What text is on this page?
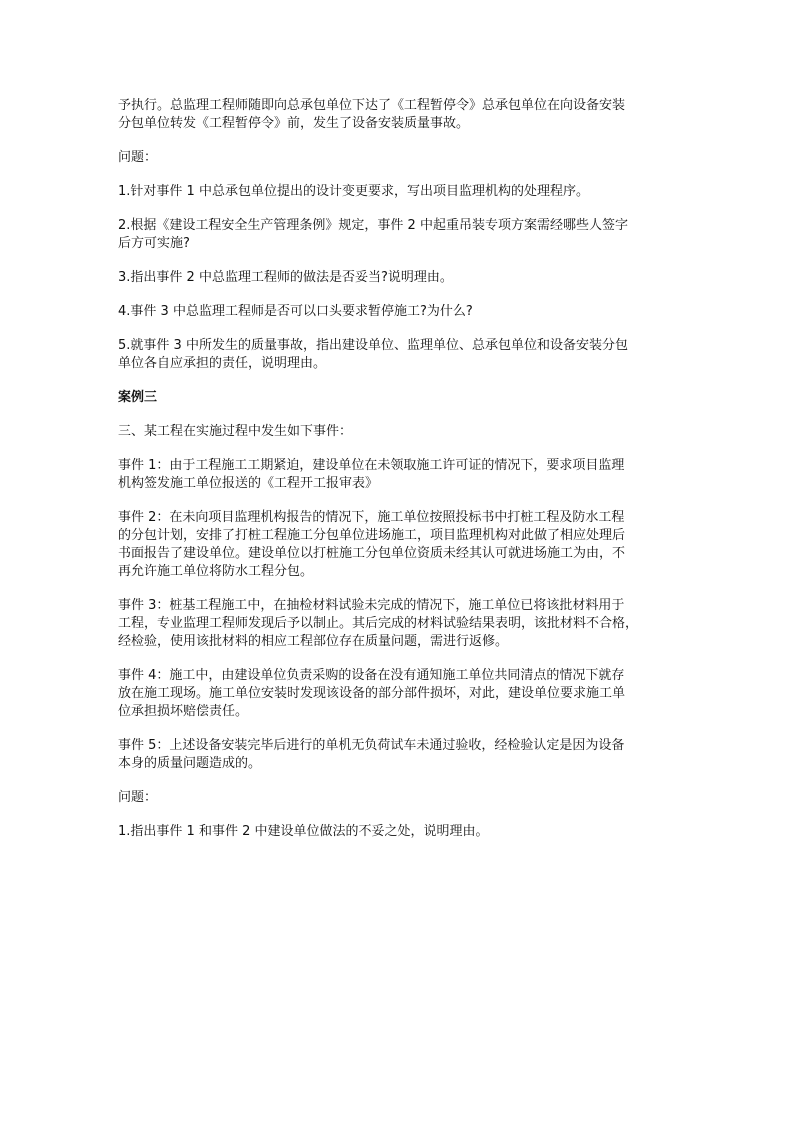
予执行。总监理工程师随即向总承包单位下达了《工程暂停令》总承包单位在向设备安装
分包单位转发《工程暂停令》前，发生了设备安装质量事故。

问题：

1.针对事件 1 中总承包单位提出的设计变更要求，写出项目监理机构的处理程序。

2.根据《建设工程安全生产管理条例》规定，事件 2 中起重吊装专项方案需经哪些人签字
后方可实施?

3.指出事件 2 中总监理工程师的做法是否妥当?说明理由。

4.事件 3 中总监理工程师是否可以口头要求暂停施工?为什么?

5.就事件 3 中所发生的质量事故，指出建设单位、监理单位、总承包单位和设备安装分包
单位各自应承担的责任，说明理由。

案例三

三、某工程在实施过程中发生如下事件：

事件 1：由于工程施工工期紧迫，建设单位在未领取施工许可证的情况下，要求项目监理
机构签发施工单位报送的《工程开工报审表》

事件 2：在未向项目监理机构报告的情况下，施工单位按照投标书中打桩工程及防水工程
的分包计划，安排了打桩工程施工分包单位进场施工，项目监理机构对此做了相应处理后
书面报告了建设单位。建设单位以打桩施工分包单位资质未经其认可就进场施工为由，不
再允许施工单位将防水工程分包。

事件 3：桩基工程施工中，在抽检材料试验未完成的情况下，施工单位已将该批材料用于
工程，专业监理工程师发现后予以制止。其后完成的材料试验结果表明，该批材料不合格，
经检验，使用该批材料的相应工程部位存在质量问题，需进行返修。

事件 4：施工中，由建设单位负责采购的设备在没有通知施工单位共同清点的情况下就存
放在施工现场。施工单位安装时发现该设备的部分部件损坏，对此，建设单位要求施工单
位承担损坏赔偿责任。

事件 5：上述设备安装完毕后进行的单机无负荷试车未通过验收，经检验认定是因为设备
本身的质量问题造成的。

问题：

1.指出事件 1 和事件 2 中建设单位做法的不妥之处，说明理由。
